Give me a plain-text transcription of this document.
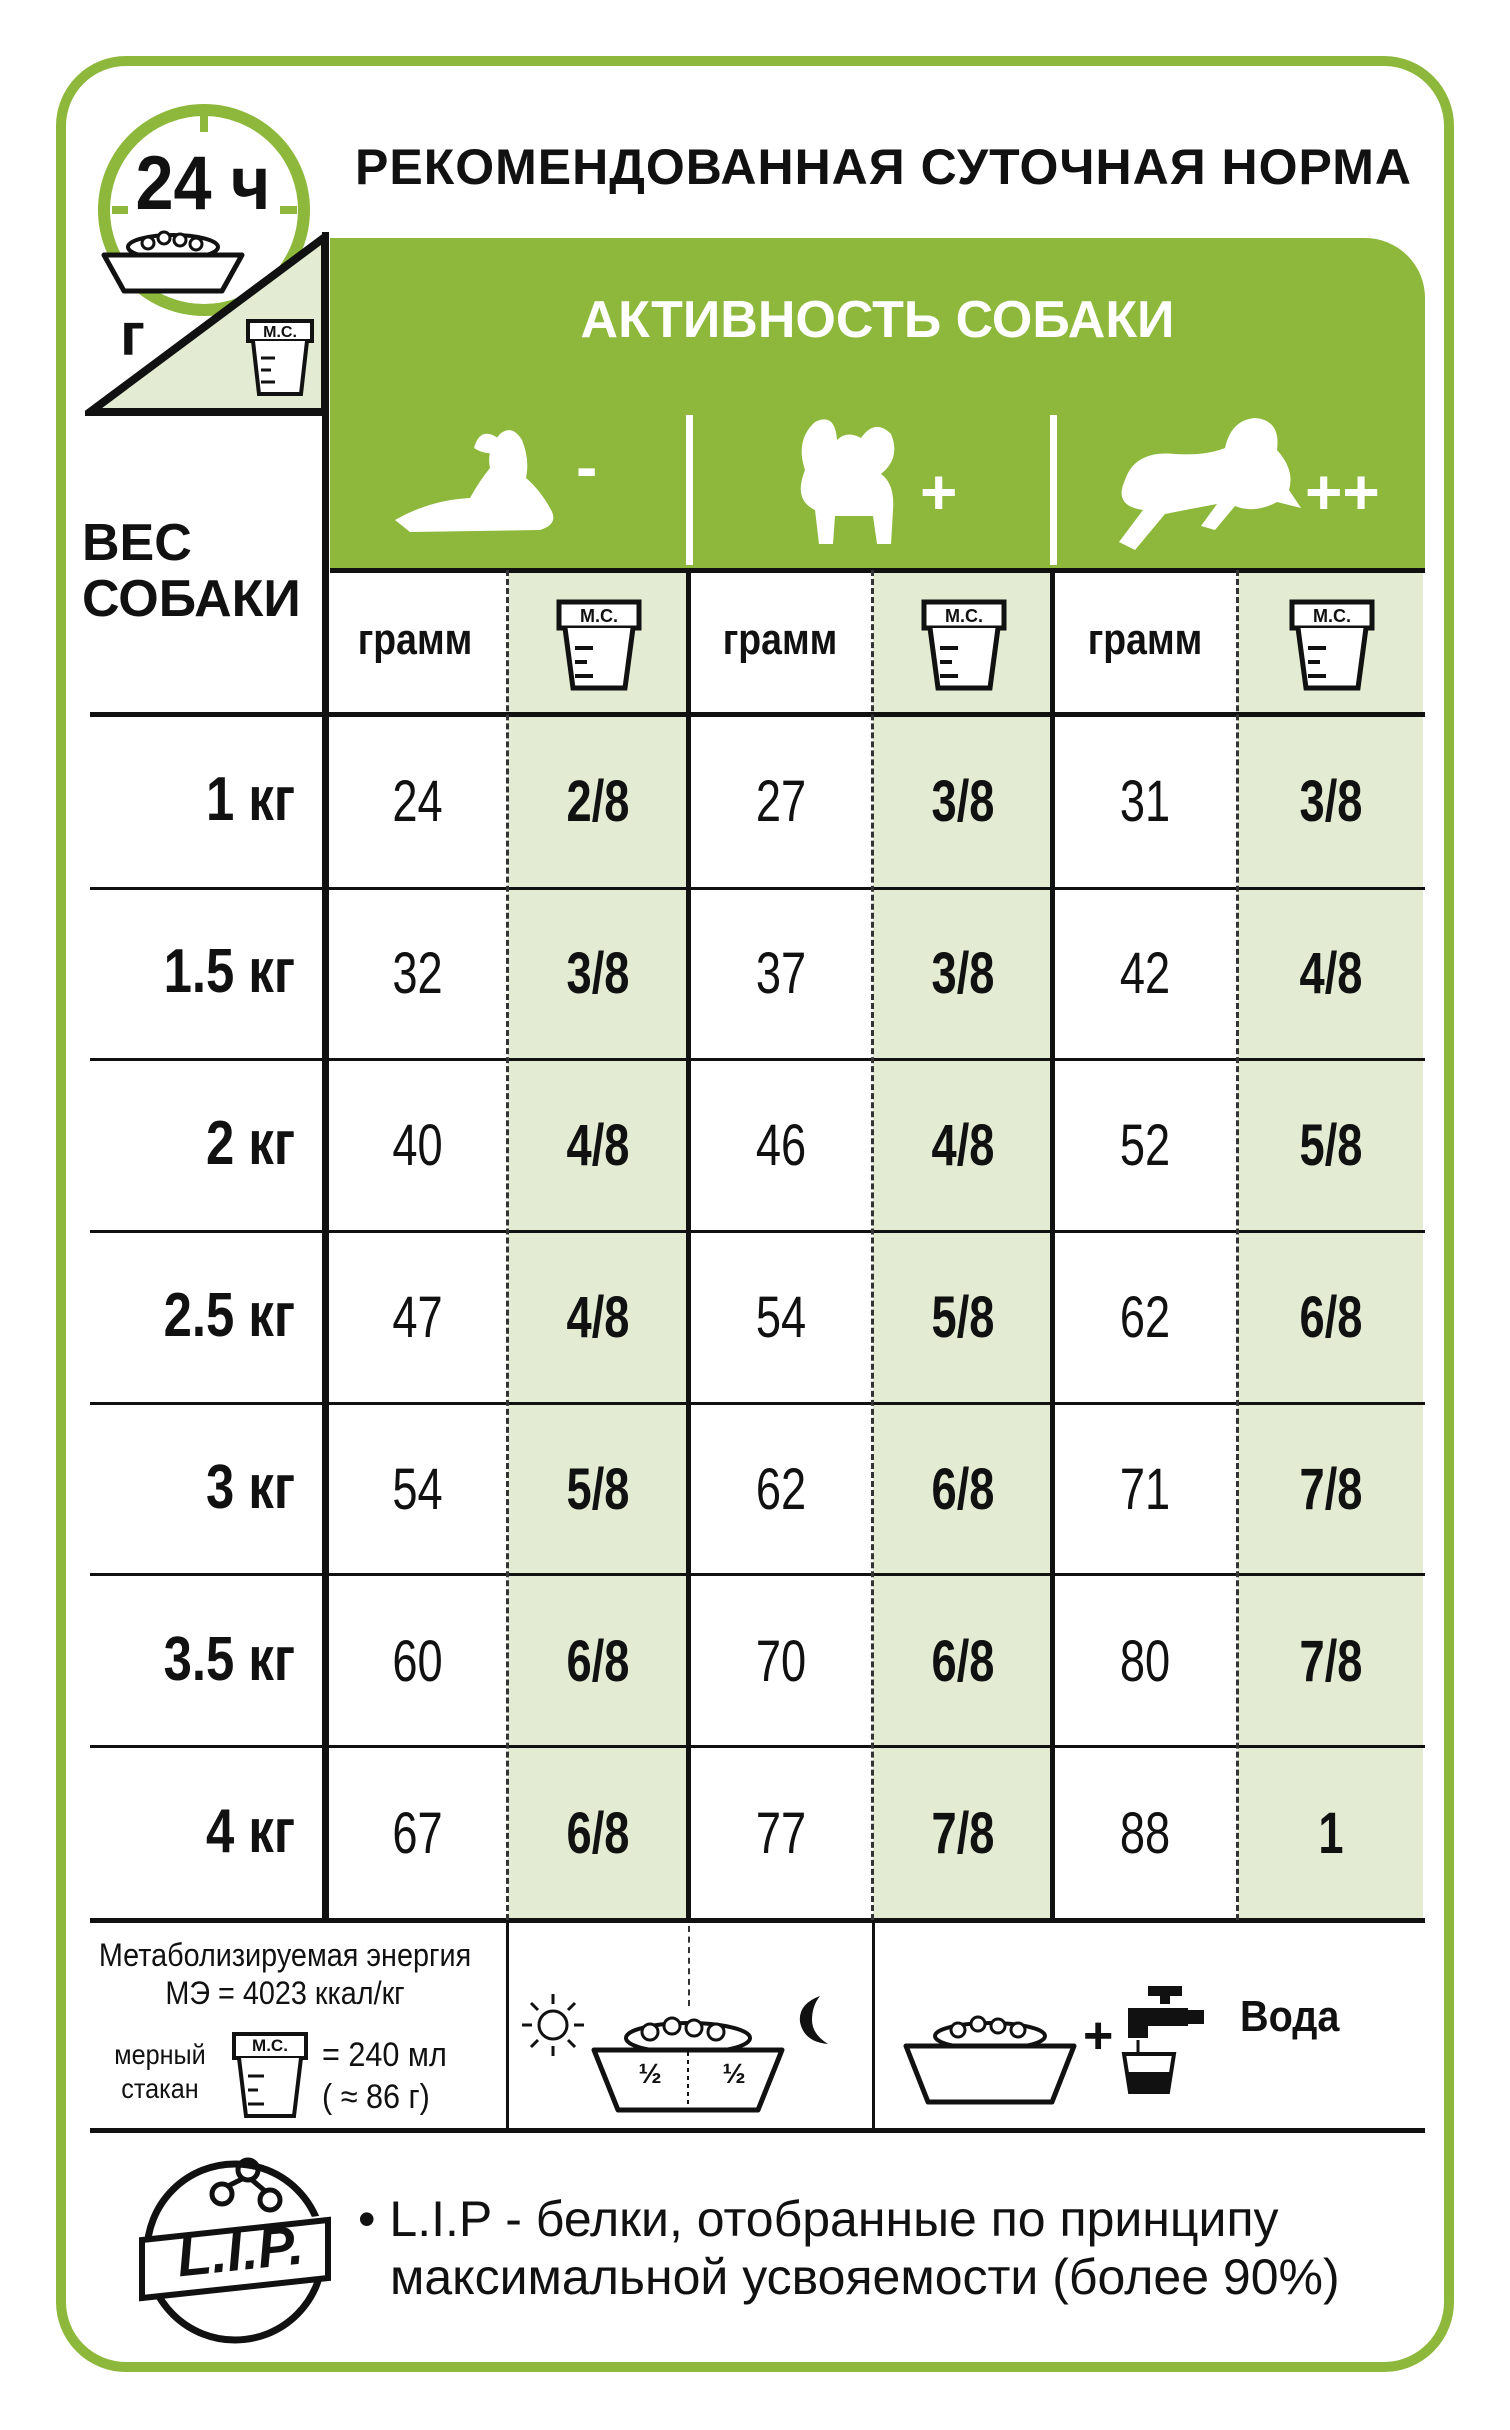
24 ч
г	М.С.
РЕКОМЕНДОВАННАЯ СУТОЧНАЯ НОРМА
АКТИВНОСТЬ СОБАКИ
-	+	++
ВЕС
СОБАКИ
грамм	грамм	грамм
М.С.	М.С.	М.С.
1 кг	24	2/8	27	3/8	31	3/8
1.5 кг	32	3/8	37	3/8	42	4/8
2 кг	40	4/8	46	4/8	52	5/8
2.5 кг	47	4/8	54	5/8	62	6/8
3 кг	54	5/8	62	6/8	71	7/8
3.5 кг	60	6/8	70	6/8	80	7/8
4 кг	67	6/8	77	7/8	88	1
Метаболизируемая энергия
МЭ = 4023 ккал/кг
мерный
стакан
М.С.	= 240 мл
( ≈ 86 г)
½	½
+	Вода
L.I.P.	• L.I.P - белки, отобранные по принципу
максимальной усвояемости (более 90%)
